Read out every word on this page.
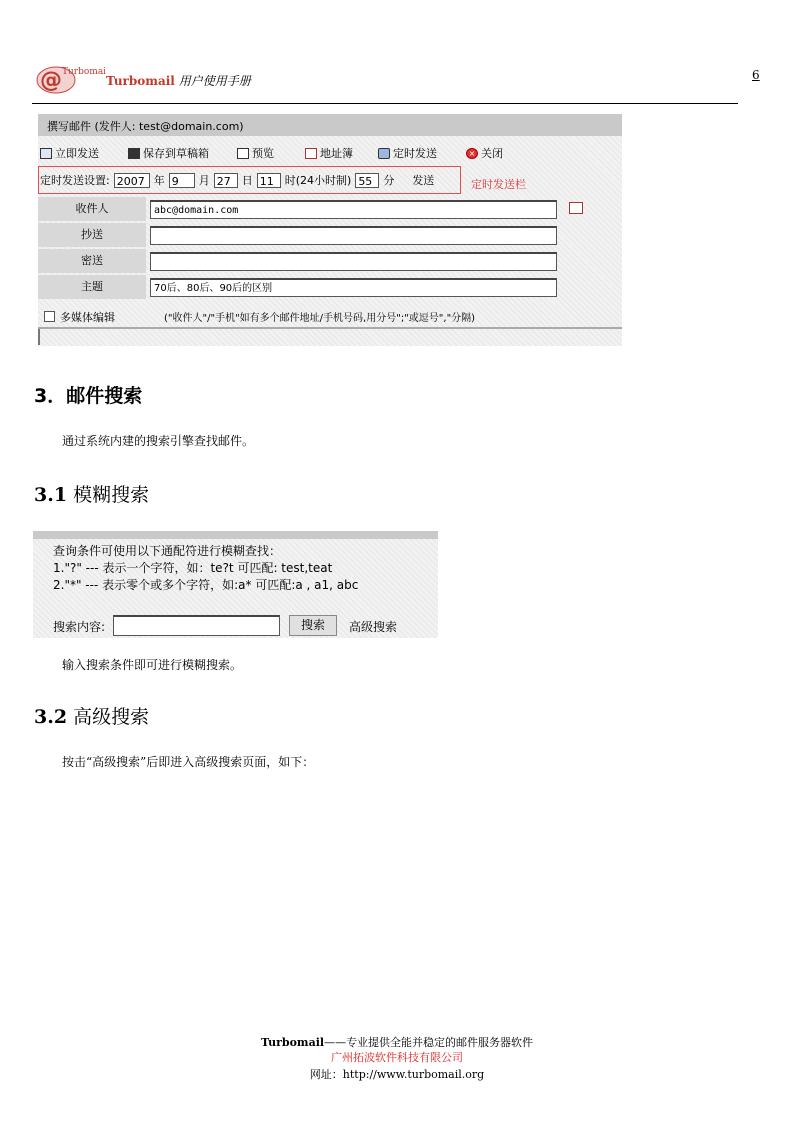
@ Turbomail
Turbomail 用户使用手册	6
撰写邮件 (发件人: test@domain.com)
立即发送	保存到草稿箱	预览	地址簿	定时发送	× 关闭
定时发送设置: 2007 年 9	月 27	日 11	时(24小时制) 55	分 发送	定时发送栏
收件人	abc@domain.com
抄送
密送
主题	70后、80后、90后的区别
多媒体编辑	("收件人"/"手机"如有多个邮件地址/手机号码,用分号";"或逗号","分隔)
3．邮件搜索
通过系统内建的搜索引擎查找邮件。
3.1 模糊搜索
查询条件可使用以下通配符进行模糊查找：
1."?" --- 表示一个字符，如：te?t 可匹配: test,teat
2."*" --- 表示零个或多个字符，如:a* 可匹配:a , a1, abc
搜索内容:	搜索	高级搜索
输入搜索条件即可进行模糊搜索。
3.2 高级搜索
按击“高级搜索”后即进入高级搜索页面，如下：
Turbomail——专业提供全能并稳定的邮件服务器软件
广州拓波软件科技有限公司
网址：http://www.turbomail.org
